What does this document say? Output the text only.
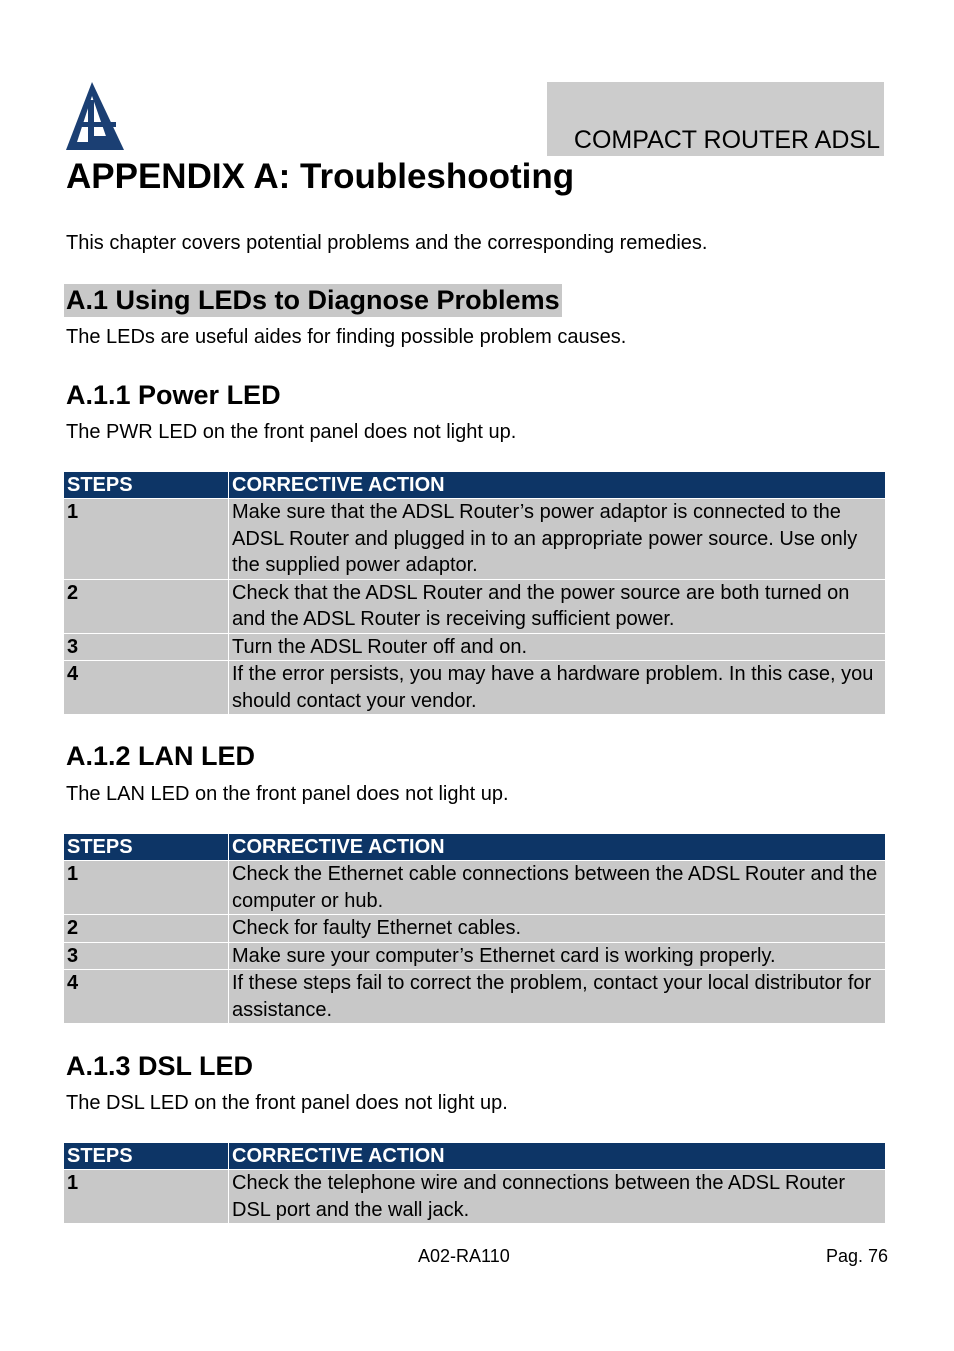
COMPACT ROUTER ADSL
APPENDIX A: Troubleshooting
This chapter covers potential problems and the corresponding remedies.
A.1 Using LEDs to Diagnose Problems
The LEDs are useful aides for finding possible problem causes.
A.1.1 Power LED
The PWR LED on the front panel does not light up.
STEPS	CORRECTIVE ACTION
1	Make sure that the ADSL Router’s power adaptor is connected to the ADSL Router and plugged in to an appropriate power source. Use only the supplied power adaptor.
2	Check that the ADSL Router and the power source are both turned on and the ADSL Router is receiving sufficient power.
3	Turn the ADSL Router off and on.
4	If the error persists, you may have a hardware problem. In this case, you should contact your vendor.
A.1.2 LAN LED
The LAN LED on the front panel does not light up.
STEPS	CORRECTIVE ACTION
1	Check the Ethernet cable connections between the ADSL Router and the computer or hub.
2	Check for faulty Ethernet cables.
3	Make sure your computer’s Ethernet card is working properly.
4	If these steps fail to correct the problem, contact your local distributor for assistance.
A.1.3 DSL LED
The DSL LED on the front panel does not light up.
STEPS	CORRECTIVE ACTION
1	Check the telephone wire and connections between the ADSL Router DSL port and the wall jack.
A02-RA110	Pag. 76
